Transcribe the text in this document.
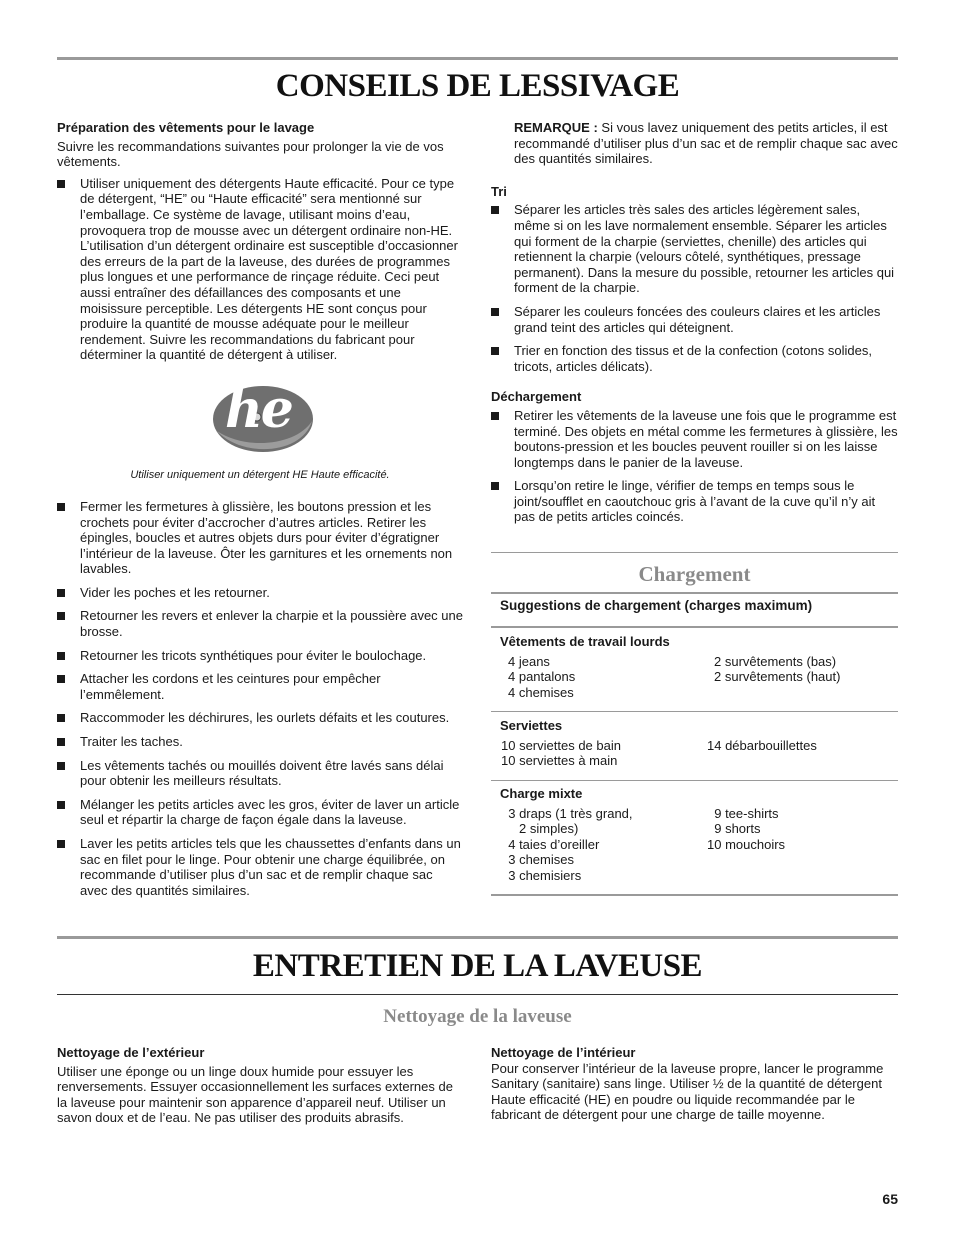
CONSEILS DE LESSIVAGE

Préparation des vêtements pour le lavage

Suivre les recommandations suivantes pour prolonger la vie de vos vêtements.

Utiliser uniquement des détergents Haute efficacité. Pour ce type de détergent, “HE” ou “Haute efficacité” sera mentionné sur l’emballage. Ce système de lavage, utilisant moins d’eau, provoquera trop de mousse avec un détergent ordinaire non-HE. L’utilisation d’un détergent ordinaire est susceptible d’occasionner des erreurs de la part de la laveuse, des durées de programmes plus longues et une performance de rinçage réduite. Ceci peut aussi entraîner des défaillances des composants et une moisissure perceptible. Les détergents HE sont conçus pour produire la quantité de mousse adéquate pour le meilleur rendement. Suivre les recommandations du fabricant pour déterminer la quantité de détergent à utiliser.
he

Utiliser uniquement un détergent HE Haute efficacité.

Fermer les fermetures à glissière, les boutons pression et les crochets pour éviter d’accrocher d’autres articles. Retirer les épingles, boucles et autres objets durs pour éviter d’égratigner l’intérieur de la laveuse. Ôter les garnitures et les ornements non lavables.
Vider les poches et les retourner.
Retourner les revers et enlever la charpie et la poussière avec une brosse.
Retourner les tricots synthétiques pour éviter le boulochage.
Attacher les cordons et les ceintures pour empêcher l’emmêlement.
Raccommoder les déchirures, les ourlets défaits et les coutures.
Traiter les taches.
Les vêtements tachés ou mouillés doivent être lavés sans délai pour obtenir les meilleurs résultats.
Mélanger les petits articles avec les gros, éviter de laver un article seul et répartir la charge de façon égale dans la laveuse.
Laver les petits articles tels que les chaussettes d’enfants dans un sac en filet pour le linge. Pour obtenir une charge équilibrée, on recommande d’utiliser plus d’un sac et de remplir chaque sac avec des quantités similaires.

REMARQUE : Si vous lavez uniquement des petits articles, il est recommandé d’utiliser plus d’un sac et de remplir chaque sac avec des quantités similaires.

Tri

Séparer les articles très sales des articles légèrement sales, même si on les lave normalement ensemble. Séparer les articles qui forment de la charpie (serviettes, chenille) des articles qui retiennent la charpie (velours côtelé, synthétiques, pressage permanent). Dans la mesure du possible, retourner les articles qui forment de la charpie.
Séparer les couleurs foncées des couleurs claires et les articles grand teint des articles qui déteignent.
Trier en fonction des tissus et de la confection (cotons solides, tricots, articles délicats).

Déchargement

Retirer les vêtements de la laveuse une fois que le programme est terminé. Des objets en métal comme les fermetures à glissière, les boutons-pression et les boucles peuvent rouiller si on les laisse longtemps dans le panier de la laveuse.
Lorsqu’on retire le linge, vérifier de temps en temps sous le joint/soufflet en caoutchouc gris à l’avant de la cuve qu’il n’y ait pas de petits articles coincés.

Chargement

Suggestions de chargement (charges maximum)

Vêtements de travail lourds

4 jeans
4 pantalons
4 chemises
2 survêtements (bas)
2 survêtements (haut)

Serviettes

10 serviettes de bain
10 serviettes à main
14 débarbouillettes

Charge mixte

3 draps (1 très grand,
2 simples)
4 taies d’oreiller
3 chemises
3 chemisiers
9 tee-shirts
9 shorts
10 mouchoirs
ENTRETIEN DE LA LAVEUSE

Nettoyage de la laveuse

Nettoyage de l’extérieur

Utiliser une éponge ou un linge doux humide pour essuyer les renversements. Essuyer occasionnellement les surfaces externes de la laveuse pour maintenir son apparence d’appareil neuf. Utiliser un savon doux et de l’eau. Ne pas utiliser des produits abrasifs.

Nettoyage de l’intérieur

Pour conserver l’intérieur de la laveuse propre, lancer le programme Sanitary (sanitaire) sans linge. Utiliser ½ de la quantité de détergent Haute efficacité (HE) en poudre ou liquide recommandée par le fabricant de détergent pour une charge de taille moyenne.

65
